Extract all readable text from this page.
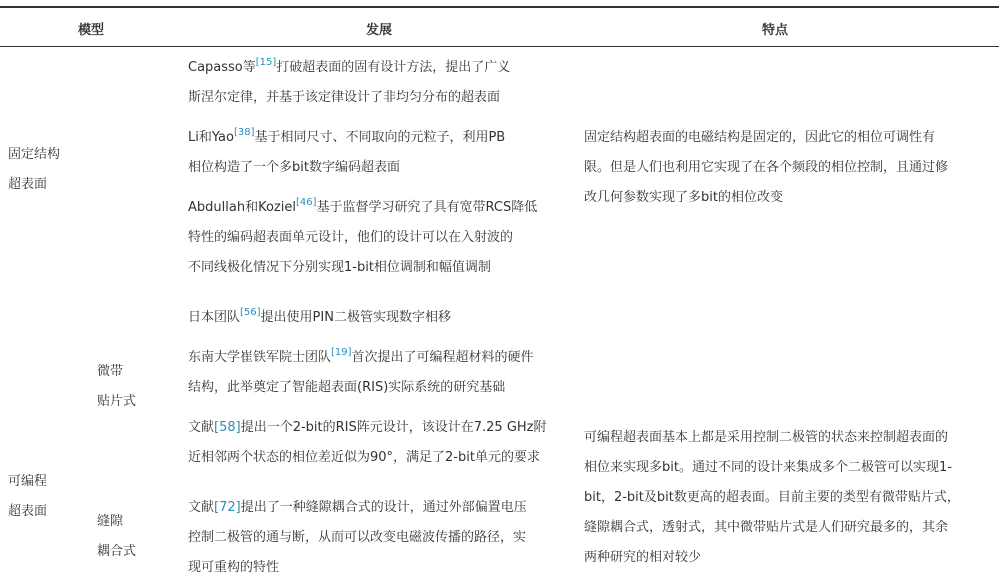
模型	发展	特点
固定结构
超表面
Capasso等[15]打破超表面的固有设计方法，提出了广义
斯涅尔定律，并基于该定律设计了非均匀分布的超表面
Li和Yao[38]基于相同尺寸、不同取向的元粒子，利用PB
相位构造了一个多bit数字编码超表面
Abdullah和Koziel[46]基于监督学习研究了具有宽带RCS降低
特性的编码超表面单元设计，他们的设计可以在入射波的
不同线极化情况下分别实现1-bit相位调制和幅值调制
固定结构超表面的电磁结构是固定的，因此它的相位可调性有
限。但是人们也利用它实现了在各个频段的相位控制，且通过修
改几何参数实现了多bit的相位改变
可编程
超表面
微带
贴片式
缝隙
耦合式
日本团队[56]提出使用PIN二极管实现数字相移
东南大学崔铁军院士团队[19]首次提出了可编程超材料的硬件
结构，此举奠定了智能超表面(RIS)实际系统的研究基础
文献[58]提出一个2-bit的RIS阵元设计，该设计在7.25 GHz附
近相邻两个状态的相位差近似为90°，满足了2-bit单元的要求
文献[72]提出了一种缝隙耦合式的设计，通过外部偏置电压
控制二极管的通与断，从而可以改变电磁波传播的路径，实
现可重构的特性
可编程超表面基本上都是采用控制二极管的状态来控制超表面的
相位来实现多bit。通过不同的设计来集成多个二极管可以实现1-
bit，2-bit及bit数更高的超表面。目前主要的类型有微带贴片式，
缝隙耦合式，透射式，其中微带贴片式是人们研究最多的，其余
两种研究的相对较少
